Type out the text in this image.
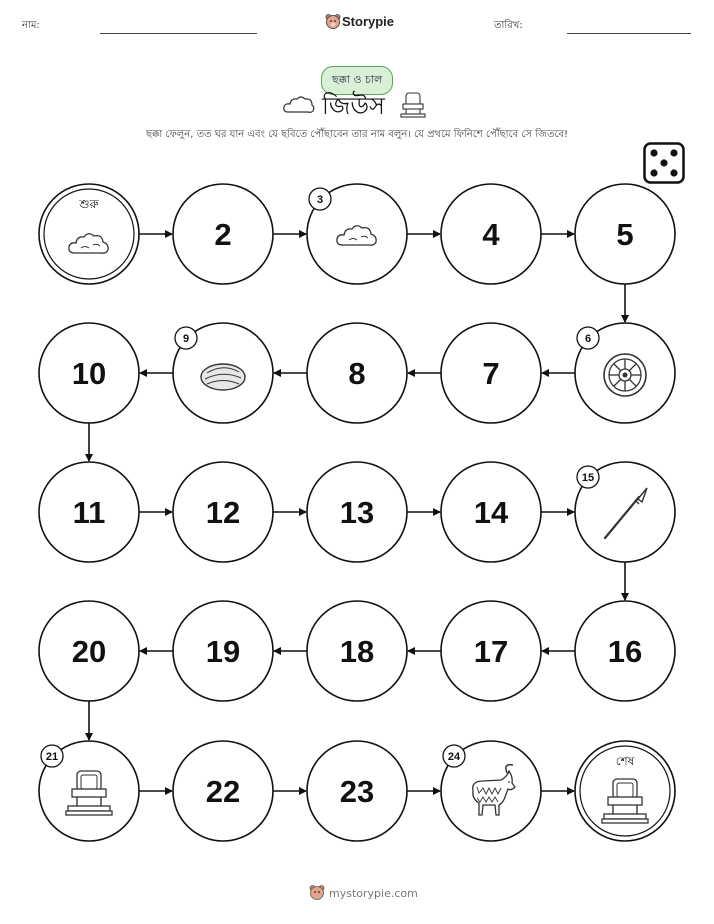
নাম:	Storypie	তারিখ:
ছক্কা ও চাল
জিউস
ছক্কা ফেলুন, তত ঘর যান এবং যে ছবিতে পৌঁছাবেন তার নাম বলুন। যে প্রথমে ফিনিশে পৌঁছাবে সে জিতবে!
শুরু
2
3
4	5
6
7
8
9
10
11	12	13	14
15
16
17
18
19
20
21
22	23
24	শেষ
mystorypie.com
